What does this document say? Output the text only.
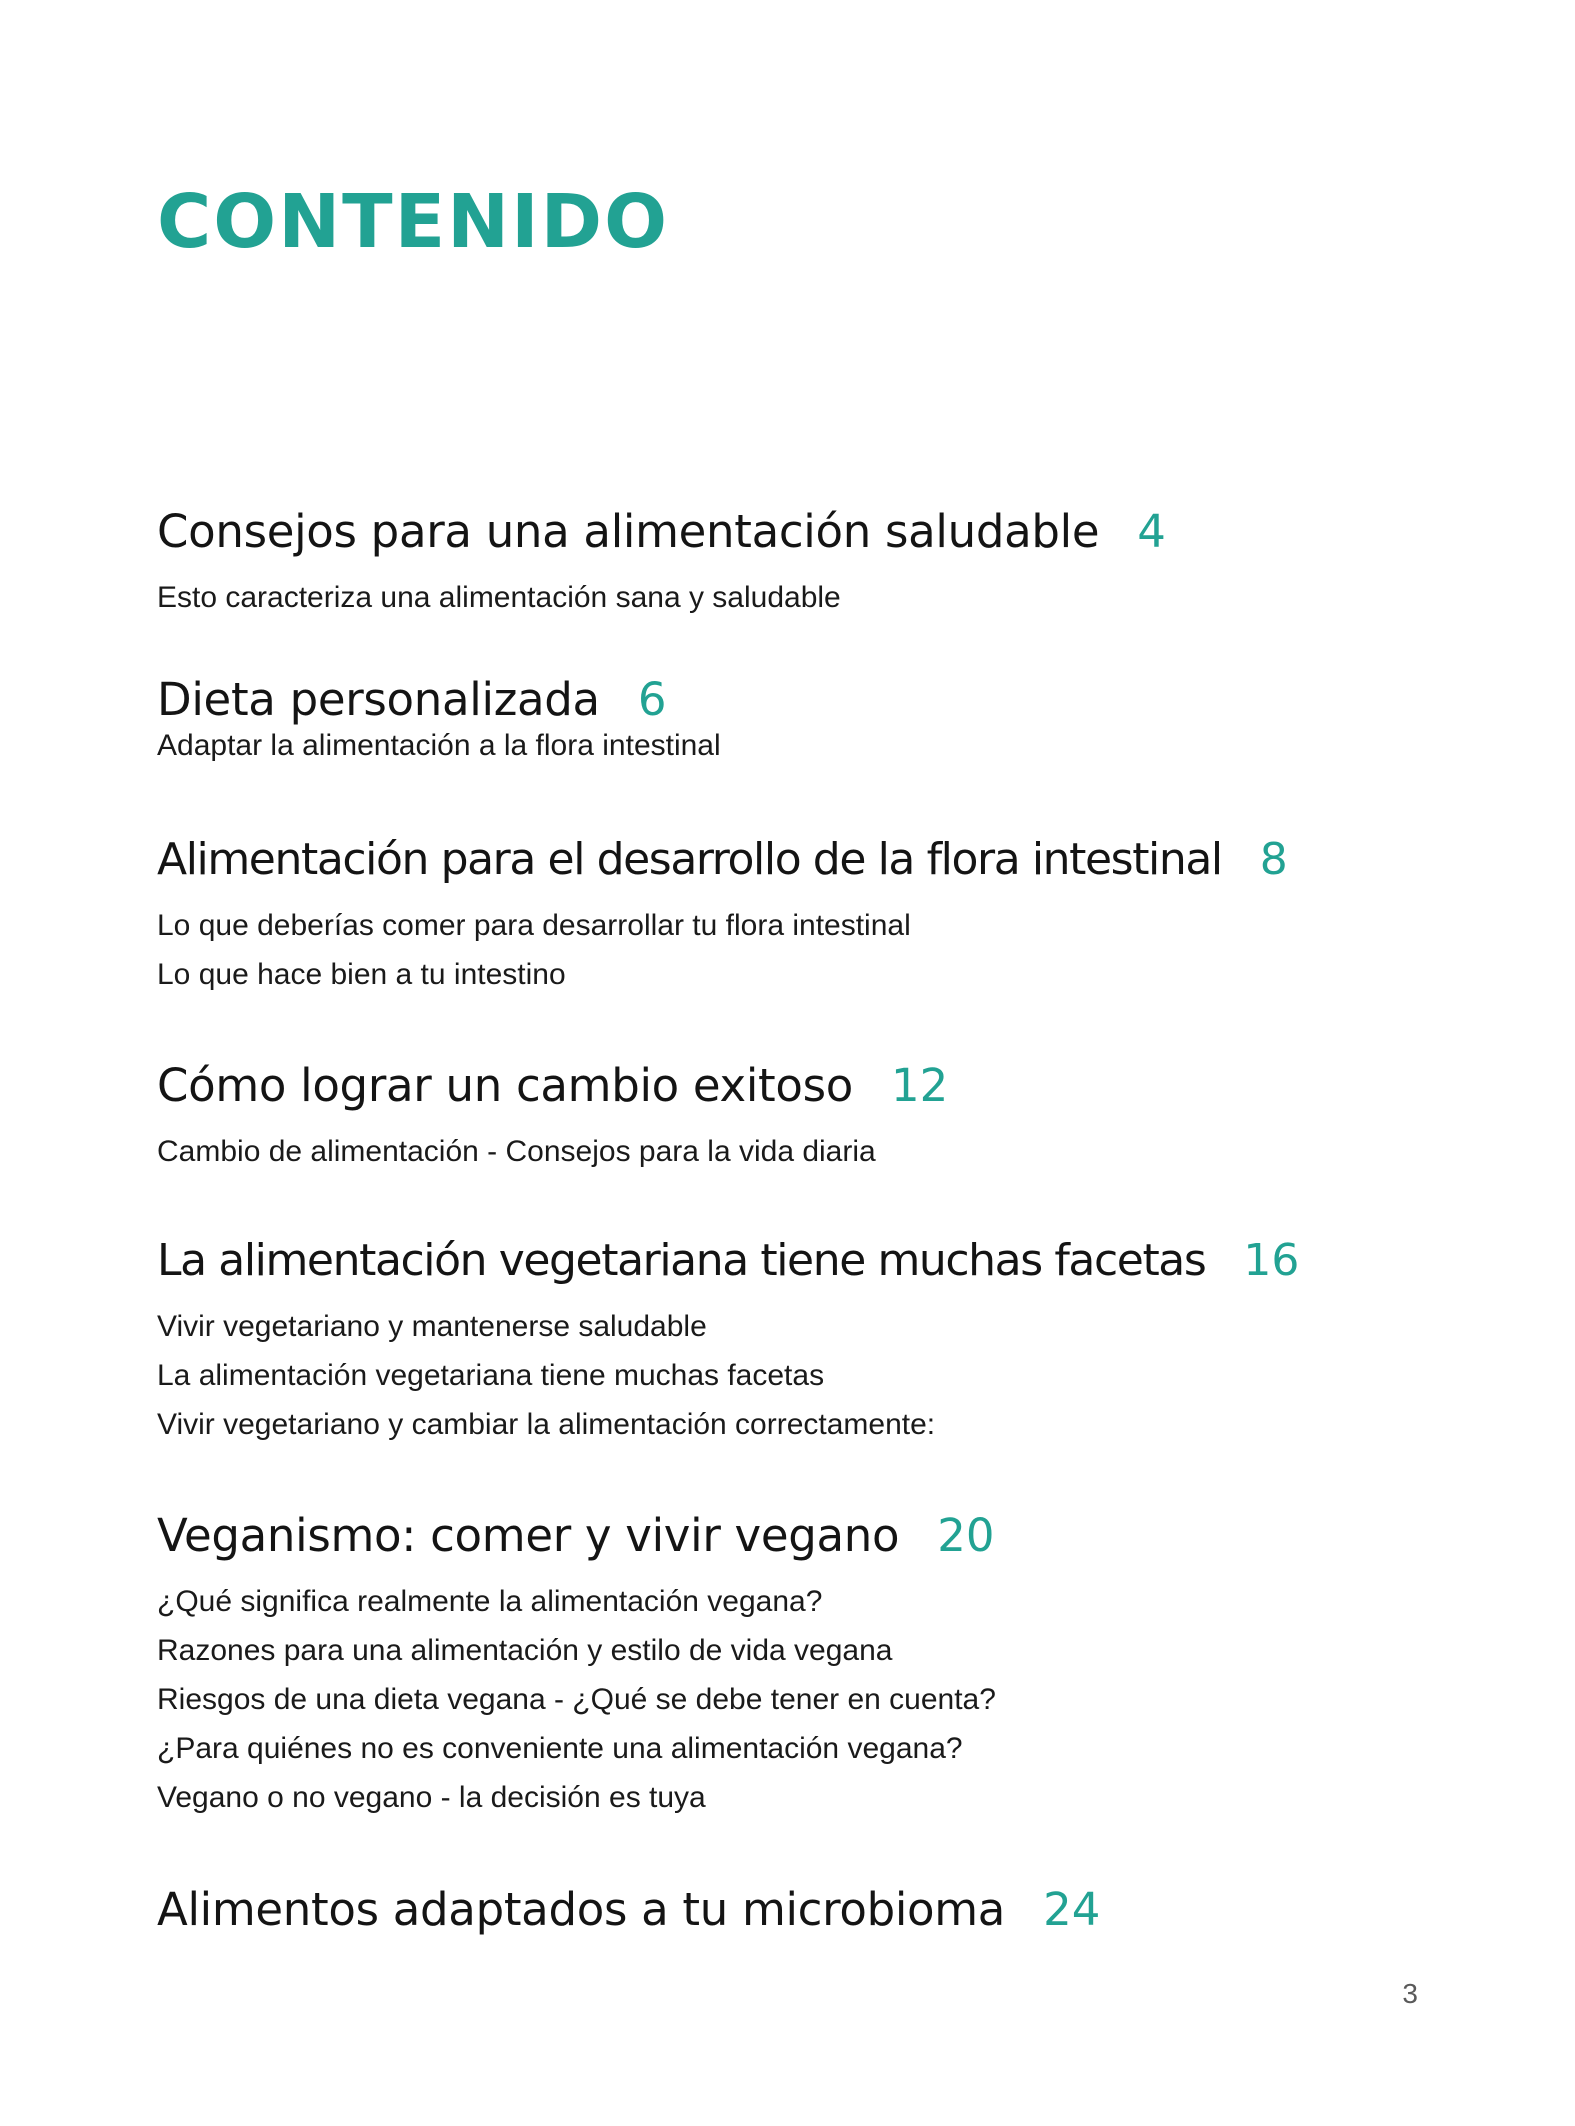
CONTENIDO
Consejos para una alimentación saludable 4
Esto caracteriza una alimentación sana y saludable
Dieta personalizada 6
Adaptar la alimentación a la flora intestinal
Alimentación para el desarrollo de la flora intestinal 8
Lo que deberías comer para desarrollar tu flora intestinal
Lo que hace bien a tu intestino
Cómo lograr un cambio exitoso 12
Cambio de alimentación - Consejos para la vida diaria
La alimentación vegetariana tiene muchas facetas 16
Vivir vegetariano y mantenerse saludable
La alimentación vegetariana tiene muchas facetas
Vivir vegetariano y cambiar la alimentación correctamente:
Veganismo: comer y vivir vegano 20
¿Qué significa realmente la alimentación vegana?
Razones para una alimentación y estilo de vida vegana
Riesgos de una dieta vegana - ¿Qué se debe tener en cuenta?
¿Para quiénes no es conveniente una alimentación vegana?
Vegano o no vegano - la decisión es tuya
Alimentos adaptados a tu microbioma 24
3
